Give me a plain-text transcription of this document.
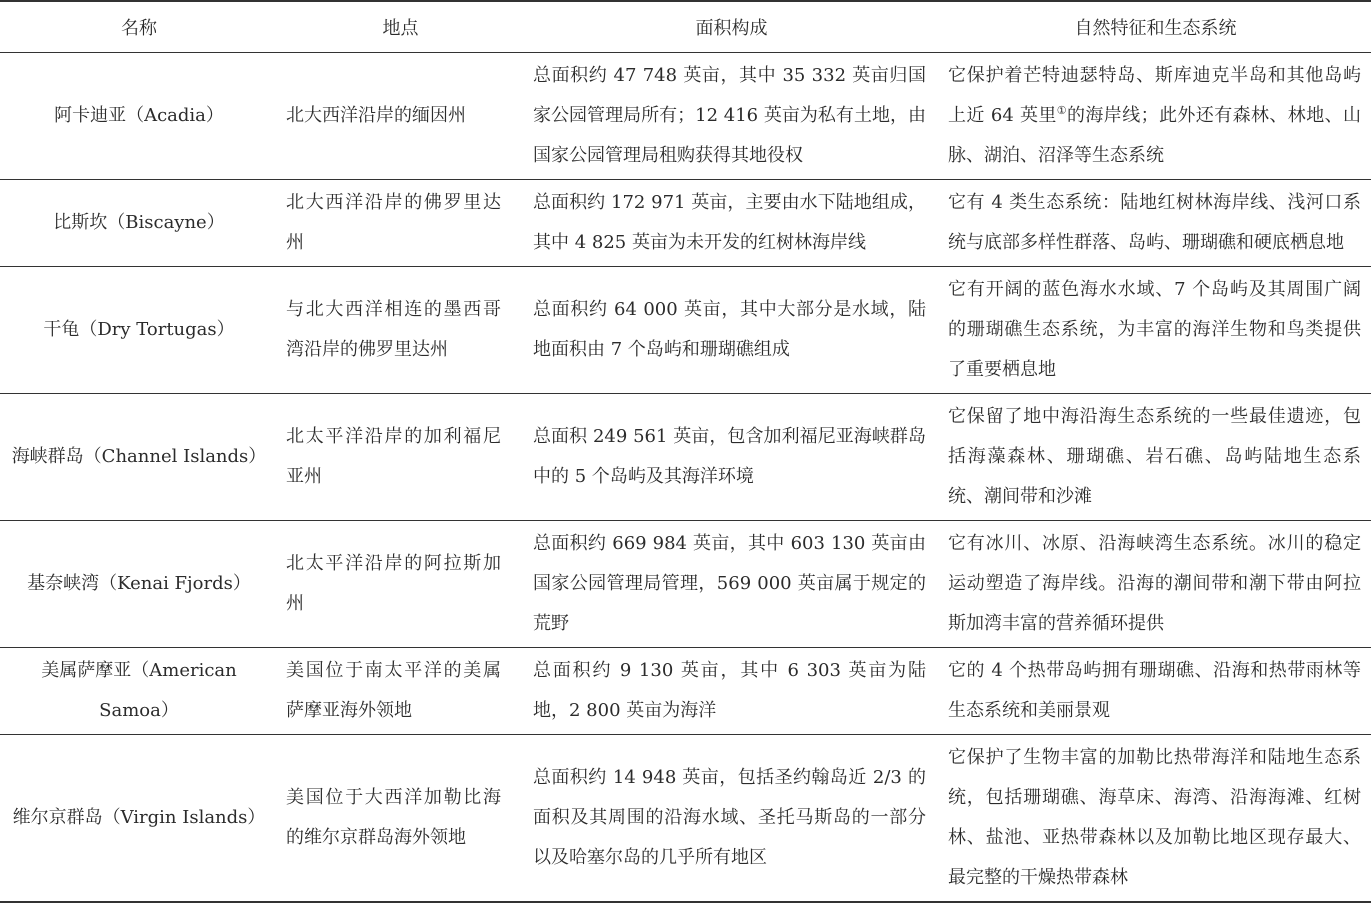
名称	地点	面积构成	自然特征和生态系统
阿卡迪亚（Acadia）	北大西洋沿岸的缅因州	总面积约 47 748 英亩，其中 35 332 英亩归国家公园管理局所有；12 416 英亩为私有土地，由国家公园管理局租购获得其地役权	它保护着芒特迪瑟特岛、斯库迪克半岛和其他岛屿上近 64 英里①的海岸线；此外还有森林、林地、山脉、湖泊、沼泽等生态系统
比斯坎（Biscayne）	北大西洋沿岸的佛罗里达州	总面积约 172 971 英亩，主要由水下陆地组成，其中 4 825 英亩为未开发的红树林海岸线	它有 4 类生态系统：陆地红树林海岸线、浅河口系统与底部多样性群落、岛屿、珊瑚礁和硬底栖息地
干龟（Dry Tortugas）	与北大西洋相连的墨西哥湾沿岸的佛罗里达州	总面积约 64 000 英亩，其中大部分是水域，陆地面积由 7 个岛屿和珊瑚礁组成	它有开阔的蓝色海水水域、7 个岛屿及其周围广阔的珊瑚礁生态系统，为丰富的海洋生物和鸟类提供了重要栖息地
海峡群岛（Channel Islands）	北太平洋沿岸的加利福尼亚州	总面积 249 561 英亩，包含加利福尼亚海峡群岛中的 5 个岛屿及其海洋环境	它保留了地中海沿海生态系统的一些最佳遗迹，包括海藻森林、珊瑚礁、岩石礁、岛屿陆地生态系统、潮间带和沙滩
基奈峡湾（Kenai Fjords）	北太平洋沿岸的阿拉斯加州	总面积约 669 984 英亩，其中 603 130 英亩由国家公园管理局管理，569 000 英亩属于规定的荒野	它有冰川、冰原、沿海峡湾生态系统。冰川的稳定运动塑造了海岸线。沿海的潮间带和潮下带由阿拉斯加湾丰富的营养循环提供
美属萨摩亚（American Samoa）	美国位于南太平洋的美属萨摩亚海外领地	总面积约 9 130 英亩，其中 6 303 英亩为陆地，2 800 英亩为海洋	它的 4 个热带岛屿拥有珊瑚礁、沿海和热带雨林等生态系统和美丽景观
维尔京群岛（Virgin Islands）	美国位于大西洋加勒比海的维尔京群岛海外领地	总面积约 14 948 英亩，包括圣约翰岛近 2/3 的面积及其周围的沿海水域、圣托马斯岛的一部分以及哈塞尔岛的几乎所有地区	它保护了生物丰富的加勒比热带海洋和陆地生态系统，包括珊瑚礁、海草床、海湾、沿海海滩、红树林、盐池、亚热带森林以及加勒比地区现存最大、最完整的干燥热带森林
